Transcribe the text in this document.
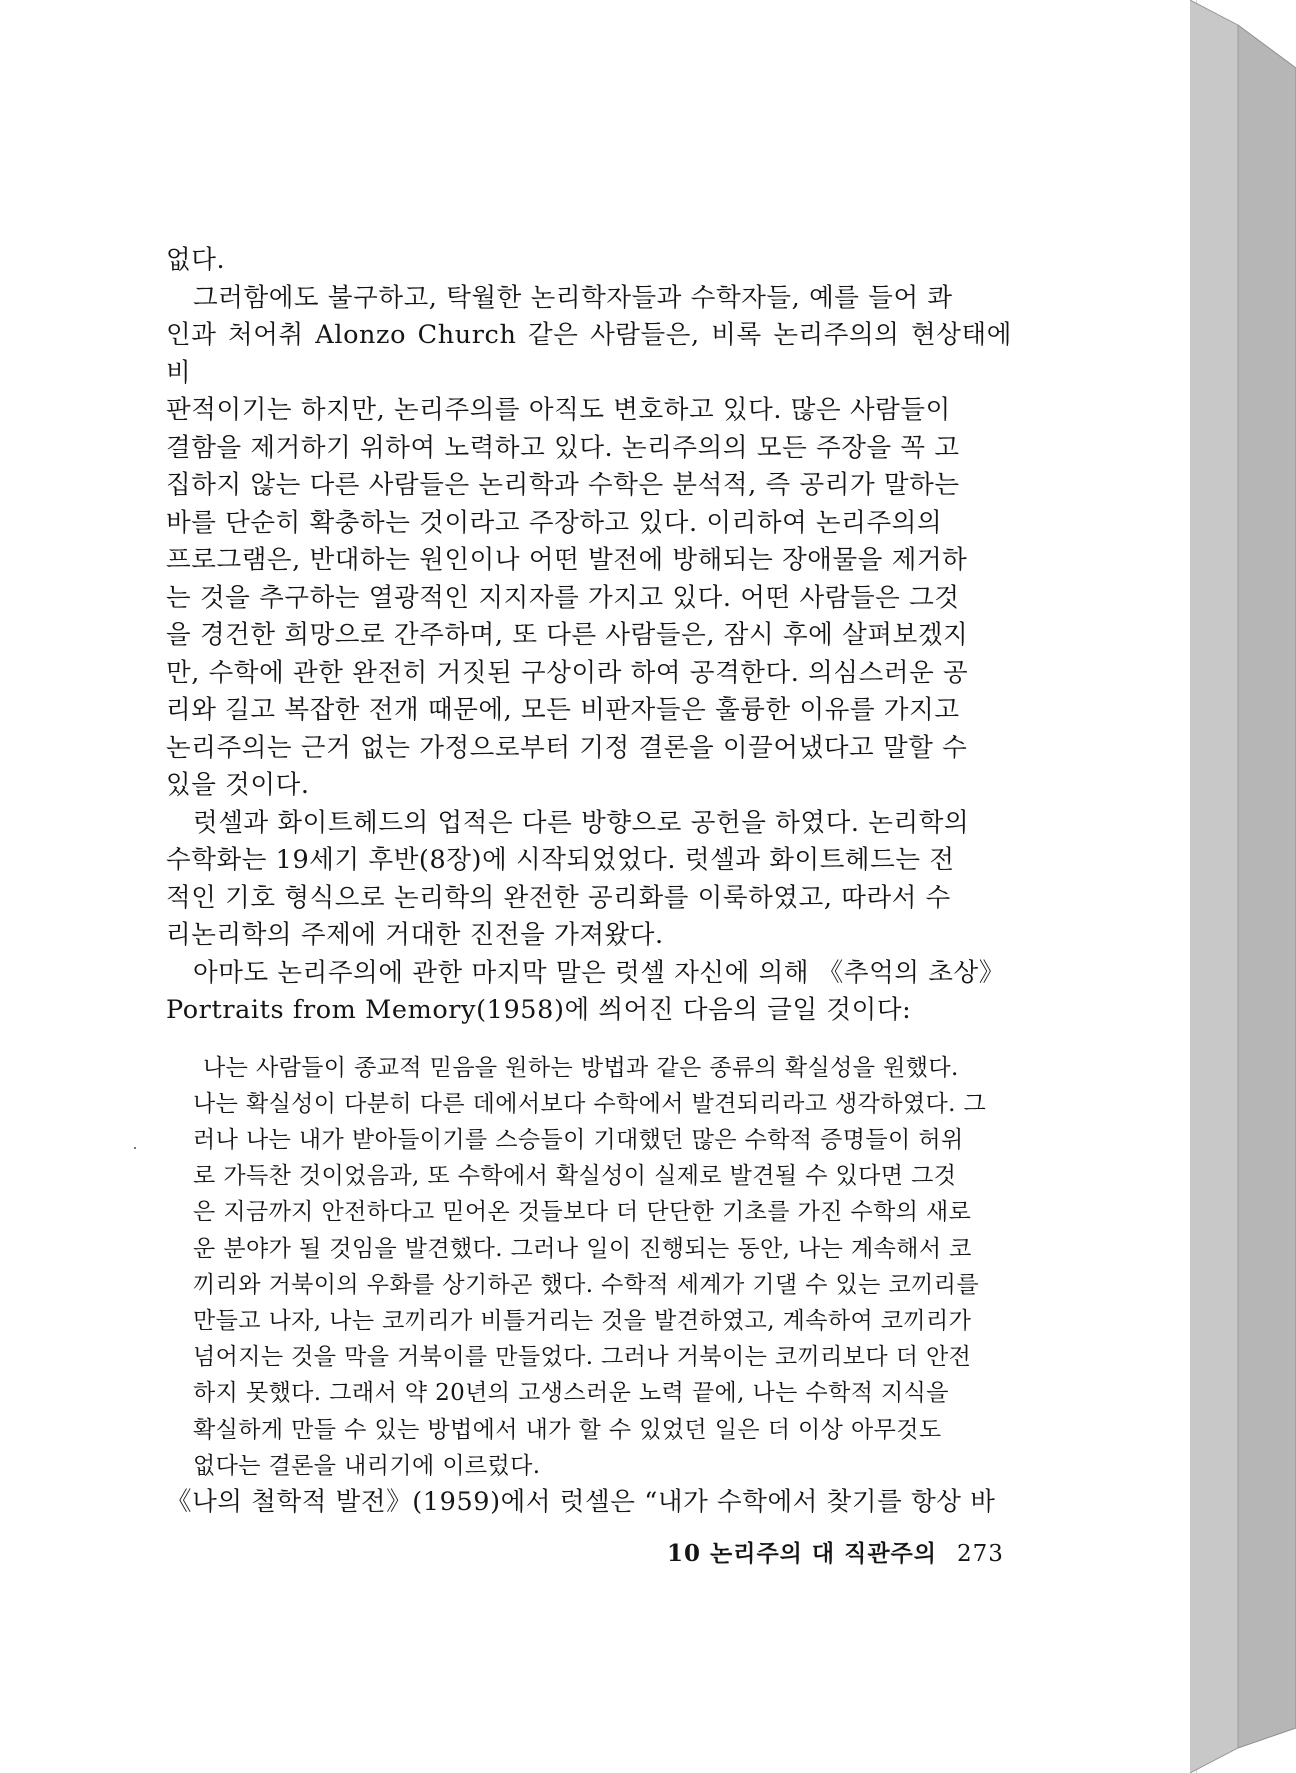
없다.

그러함에도 불구하고, 탁월한 논리학자들과 수학자들, 예를 들어 콰

인과 처어취 Alonzo Church 같은 사람들은, 비록 논리주의의 현상태에 비

판적이기는 하지만, 논리주의를 아직도 변호하고 있다. 많은 사람들이

결함을 제거하기 위하여 노력하고 있다. 논리주의의 모든 주장을 꼭 고

집하지 않는 다른 사람들은 논리학과 수학은 분석적, 즉 공리가 말하는

바를 단순히 확충하는 것이라고 주장하고 있다. 이리하여 논리주의의

프로그램은, 반대하는 원인이나 어떤 발전에 방해되는 장애물을 제거하

는 것을 추구하는 열광적인 지지자를 가지고 있다. 어떤 사람들은 그것

을 경건한 희망으로 간주하며, 또 다른 사람들은, 잠시 후에 살펴보겠지

만, 수학에 관한 완전히 거짓된 구상이라 하여 공격한다. 의심스러운 공

리와 길고 복잡한 전개 때문에, 모든 비판자들은 훌륭한 이유를 가지고

논리주의는 근거 없는 가정으로부터 기정 결론을 이끌어냈다고 말할 수

있을 것이다.

럿셀과 화이트헤드의 업적은 다른 방향으로 공헌을 하였다. 논리학의

수학화는 19세기 후반(8장)에 시작되었었다. 럿셀과 화이트헤드는 전

적인 기호 형식으로 논리학의 완전한 공리화를 이룩하였고, 따라서 수

리논리학의 주제에 거대한 진전을 가져왔다.

아마도 논리주의에 관한 마지막 말은 럿셀 자신에 의해 《추억의 초상》

Portraits from Memory(1958)에 씌어진 다음의 글일 것이다:

나는 사람들이 종교적 믿음을 원하는 방법과 같은 종류의 확실성을 원했다.

나는 확실성이 다분히 다른 데에서보다 수학에서 발견되리라고 생각하였다. 그

러나 나는 내가 받아들이기를 스승들이 기대했던 많은 수학적 증명들이 허위

로 가득찬 것이었음과, 또 수학에서 확실성이 실제로 발견될 수 있다면 그것

은 지금까지 안전하다고 믿어온 것들보다 더 단단한 기초를 가진 수학의 새로

운 분야가 될 것임을 발견했다. 그러나 일이 진행되는 동안, 나는 계속해서 코

끼리와 거북이의 우화를 상기하곤 했다. 수학적 세계가 기댈 수 있는 코끼리를

만들고 나자, 나는 코끼리가 비틀거리는 것을 발견하였고, 계속하여 코끼리가

넘어지는 것을 막을 거북이를 만들었다. 그러나 거북이는 코끼리보다 더 안전

하지 못했다. 그래서 약 20년의 고생스러운 노력 끝에, 나는 수학적 지식을

확실하게 만들 수 있는 방법에서 내가 할 수 있었던 일은 더 이상 아무것도

없다는 결론을 내리기에 이르렀다.

《나의 철학적 발전》(1959)에서 럿셀은 “내가 수학에서 찾기를 항상 바

10 논리주의 대 직관주의 273
